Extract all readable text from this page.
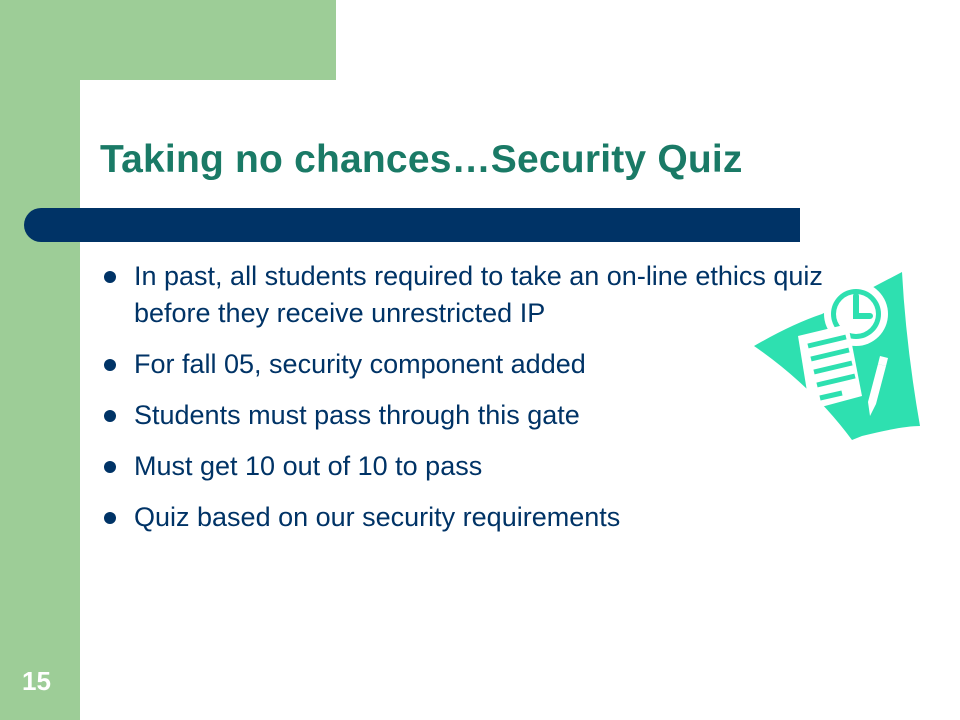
Taking no chances…Security Quiz
In past, all students required to take an on-line ethics quiz before they receive unrestricted IP
For fall 05, security component added
Students must pass through this gate
Must get 10 out of 10 to pass
Quiz based on our security requirements
15
